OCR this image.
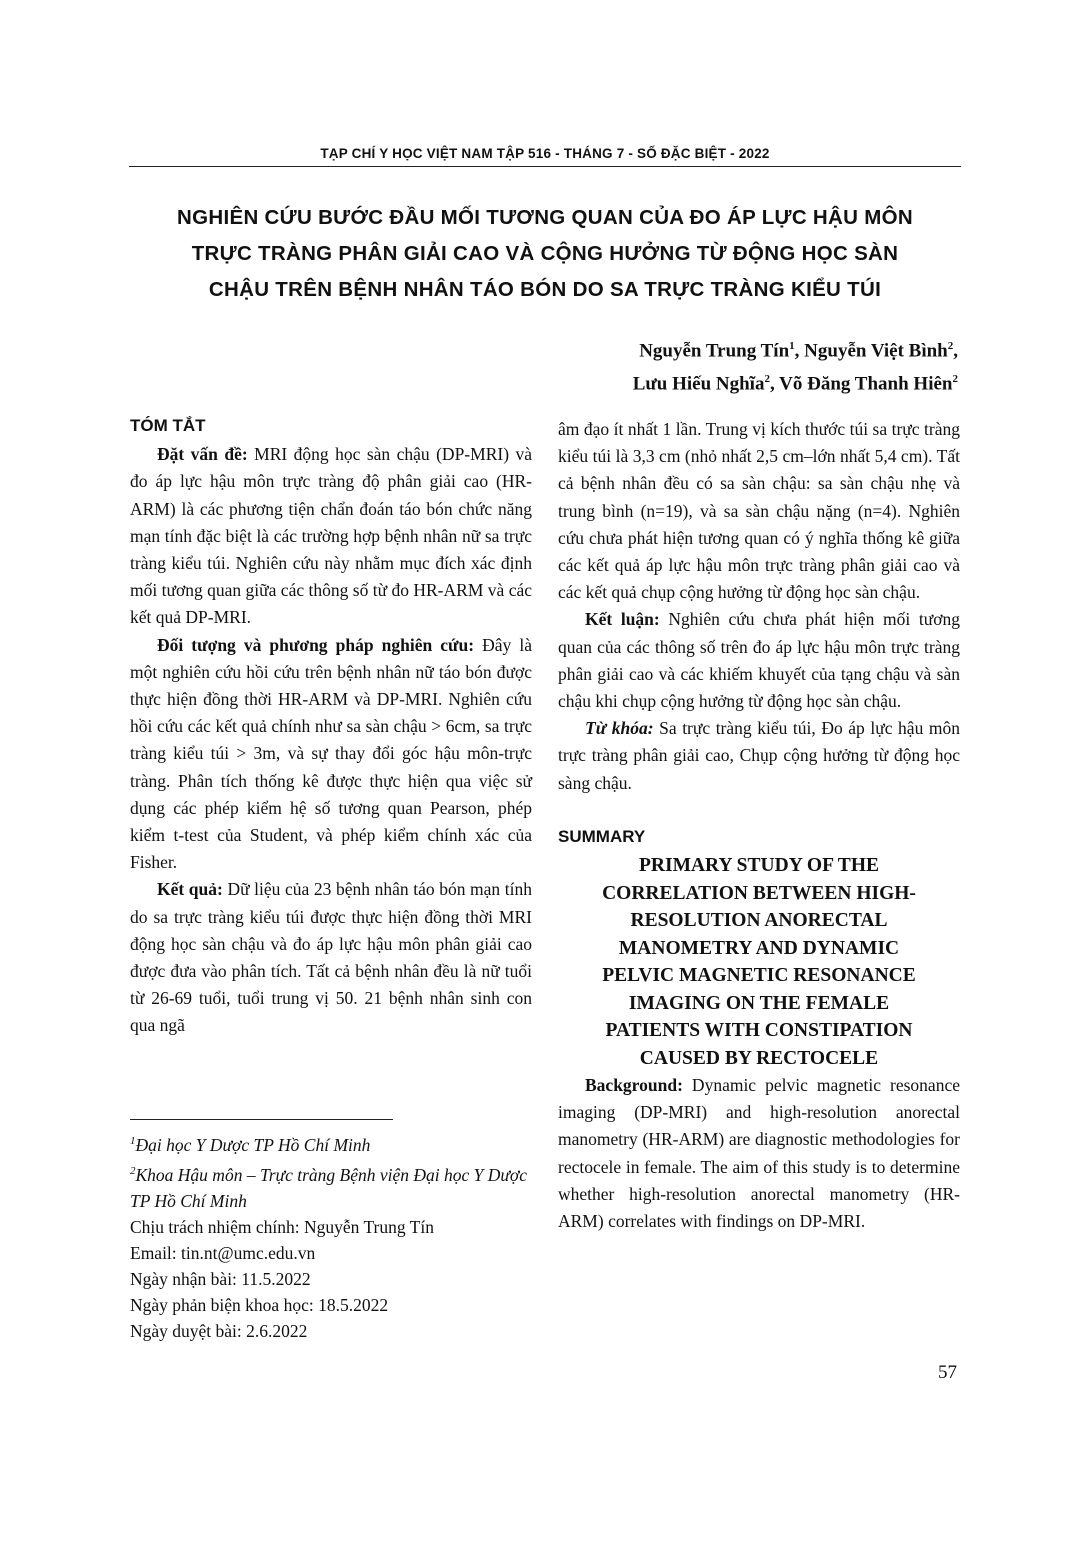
TẠP CHÍ Y HỌC VIỆT NAM TẬP 516 - THÁNG 7 - SỐ ĐẶC BIỆT - 2022
NGHIÊN CỨU BƯỚC ĐẦU MỐI TƯƠNG QUAN CỦA ĐO ÁP LỰC HẬU MÔN
TRỰC TRÀNG PHÂN GIẢI CAO VÀ CỘNG HƯỞNG TỪ ĐỘNG HỌC SÀN
CHẬU TRÊN BỆNH NHÂN TÁO BÓN DO SA TRỰC TRÀNG KIỂU TÚI
Nguyễn Trung Tín$^1$, Nguyễn Việt Bình$^2$,
Lưu Hiếu Nghĩa$^2$, Võ Đăng Thanh Hiên$^2$
TÓM TẮT

Đặt vấn đề: MRI động học sàn chậu (DP-MRI) và đo áp lực hậu môn trực tràng độ phân giải cao (HR-ARM) là các phương tiện chẩn đoán táo bón chức năng mạn tính đặc biệt là các trường hợp bệnh nhân nữ sa trực tràng kiểu túi. Nghiên cứu này nhằm mục đích xác định mối tương quan giữa các thông số từ đo HR-ARM và các kết quả DP-MRI.

Đối tượng và phương pháp nghiên cứu: Đây là một nghiên cứu hồi cứu trên bệnh nhân nữ táo bón được thực hiện đồng thời HR-ARM và DP-MRI. Nghiên cứu hồi cứu các kết quả chính như sa sàn chậu > 6cm, sa trực tràng kiểu túi > 3m, và sự thay đổi góc hậu môn-trực tràng. Phân tích thống kê được thực hiện qua việc sử dụng các phép kiểm hệ số tương quan Pearson, phép kiểm t-test của Student, và phép kiểm chính xác của Fisher.

Kết quả: Dữ liệu của 23 bệnh nhân táo bón mạn tính do sa trực tràng kiểu túi được thực hiện đồng thời MRI động học sàn chậu và đo áp lực hậu môn phân giải cao được đưa vào phân tích. Tất cả bệnh nhân đều là nữ tuổi từ 26-69 tuổi, tuổi trung vị 50. 21 bệnh nhân sinh con qua ngã

$^1$Đại học Y Dược TP Hồ Chí Minh
$^2$Khoa Hậu môn – Trực tràng Bệnh viện Đại học Y Dược TP Hồ Chí Minh
Chịu trách nhiệm chính: Nguyễn Trung Tín
Email: tin.nt@umc.edu.vn
Ngày nhận bài: 11.5.2022
Ngày phản biện khoa học: 18.5.2022
Ngày duyệt bài: 2.6.2022

âm đạo ít nhất 1 lần. Trung vị kích thước túi sa trực tràng kiểu túi là 3,3 cm (nhỏ nhất 2,5 cm–lớn nhất 5,4 cm). Tất cả bệnh nhân đều có sa sàn chậu: sa sàn chậu nhẹ và trung bình (n=19), và sa sàn chậu nặng (n=4). Nghiên cứu chưa phát hiện tương quan có ý nghĩa thống kê giữa các kết quả áp lực hậu môn trực tràng phân giải cao và các kết quả chụp cộng hưởng từ động học sàn chậu.

Kết luận: Nghiên cứu chưa phát hiện mối tương quan của các thông số trên đo áp lực hậu môn trực tràng phân giải cao và các khiếm khuyết của tạng chậu và sàn chậu khi chụp cộng hưởng từ động học sàn chậu.

Từ khóa: Sa trực tràng kiểu túi, Đo áp lực hậu môn trực tràng phân giải cao, Chụp cộng hưởng từ động học sàng chậu.

SUMMARY
PRIMARY STUDY OF THE
CORRELATION BETWEEN HIGH-
RESOLUTION ANORECTAL
MANOMETRY AND DYNAMIC
PELVIC MAGNETIC RESONANCE
IMAGING ON THE FEMALE
PATIENTS WITH CONSTIPATION
CAUSED BY RECTOCELE

Background: Dynamic pelvic magnetic resonance imaging (DP-MRI) and high-resolution anorectal manometry (HR-ARM) are diagnostic methodologies for rectocele in female. The aim of this study is to determine whether high-resolution anorectal manometry (HR-ARM) correlates with findings on DP-MRI.

57
